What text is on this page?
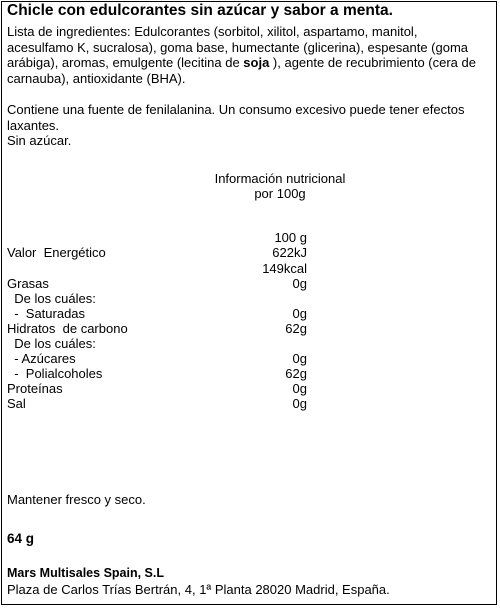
Chicle con edulcorantes sin azúcar y sabor a menta.
Lista de ingredientes: Edulcorantes (sorbitol, xilitol, aspartamo, manitol, acesulfamo K, sucralosa), goma base, humectante (glicerina), espesante (goma arábiga), aromas, emulgente (lecitina de soja ), agente de recubrimiento (cera de carnauba), antioxidante (BHA).
Contiene una fuente de fenilalanina. Un consumo excesivo puede tener efectos laxantes.
Sin azúcar.
Información nutricional
por 100g
100 g
Valor  Energético	622kJ
149kcal
Grasas	0g
De los cuáles:
-  Saturadas	0g
Hidratos  de carbono	62g
De los cuáles:
- Azúcares	0g
-  Polialcoholes	62g
Proteínas	0g
Sal	0g
Mantener fresco y seco.
64 g
Mars Multisales Spain, S.L
Plaza de Carlos Trías Bertrán, 4, 1ª Planta 28020 Madrid, España.
